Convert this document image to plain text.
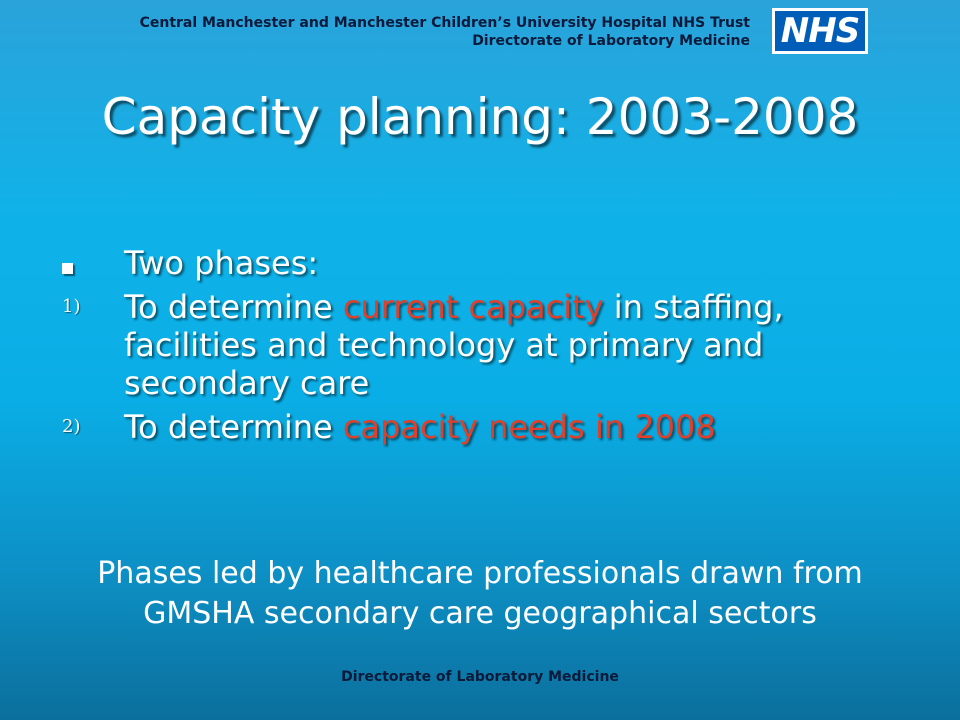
Central Manchester and Manchester Children’s University Hospital NHS Trust
Directorate of Laboratory Medicine NHS
Capacity planning: 2003-2008
Two phases:
1)	To determine current capacity in staffing, facilities and technology at primary and secondary care
2)	To determine capacity needs in 2008
Phases led by healthcare professionals drawn from
GMSHA secondary care geographical sectors
Directorate of Laboratory Medicine
